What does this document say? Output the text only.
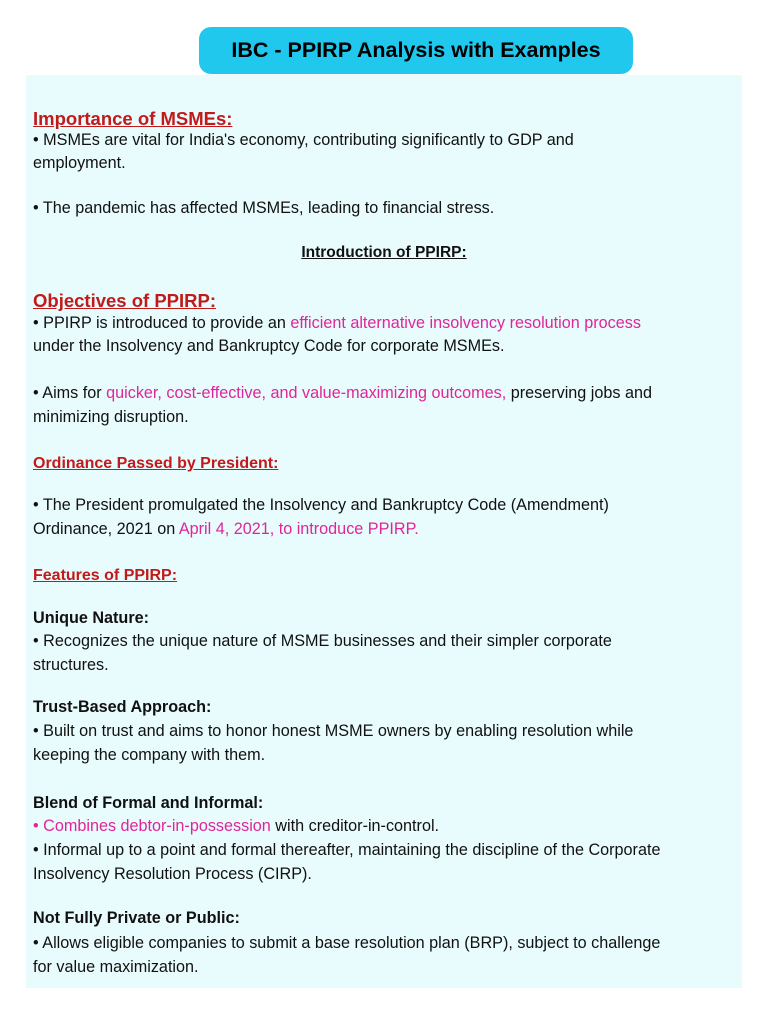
IBC - PPIRP Analysis with Examples
Importance of MSMEs:
• MSMEs are vital for India's economy, contributing significantly to GDP and
employment.
• The pandemic has affected MSMEs, leading to financial stress.
Introduction of PPIRP:
Objectives of PPIRP:
• PPIRP is introduced to provide an efficient alternative insolvency resolution process
under the Insolvency and Bankruptcy Code for corporate MSMEs.
• Aims for quicker, cost-effective, and value-maximizing outcomes, preserving jobs and
minimizing disruption.
Ordinance Passed by President:
• The President promulgated the Insolvency and Bankruptcy Code (Amendment)
Ordinance, 2021 on April 4, 2021, to introduce PPIRP.
Features of PPIRP:
Unique Nature:
• Recognizes the unique nature of MSME businesses and their simpler corporate
structures.
Trust-Based Approach:
• Built on trust and aims to honor honest MSME owners by enabling resolution while
keeping the company with them.
Blend of Formal and Informal:
• Combines debtor-in-possession with creditor-in-control.
• Informal up to a point and formal thereafter, maintaining the discipline of the Corporate
Insolvency Resolution Process (CIRP).
Not Fully Private or Public:
• Allows eligible companies to submit a base resolution plan (BRP), subject to challenge
for value maximization.
